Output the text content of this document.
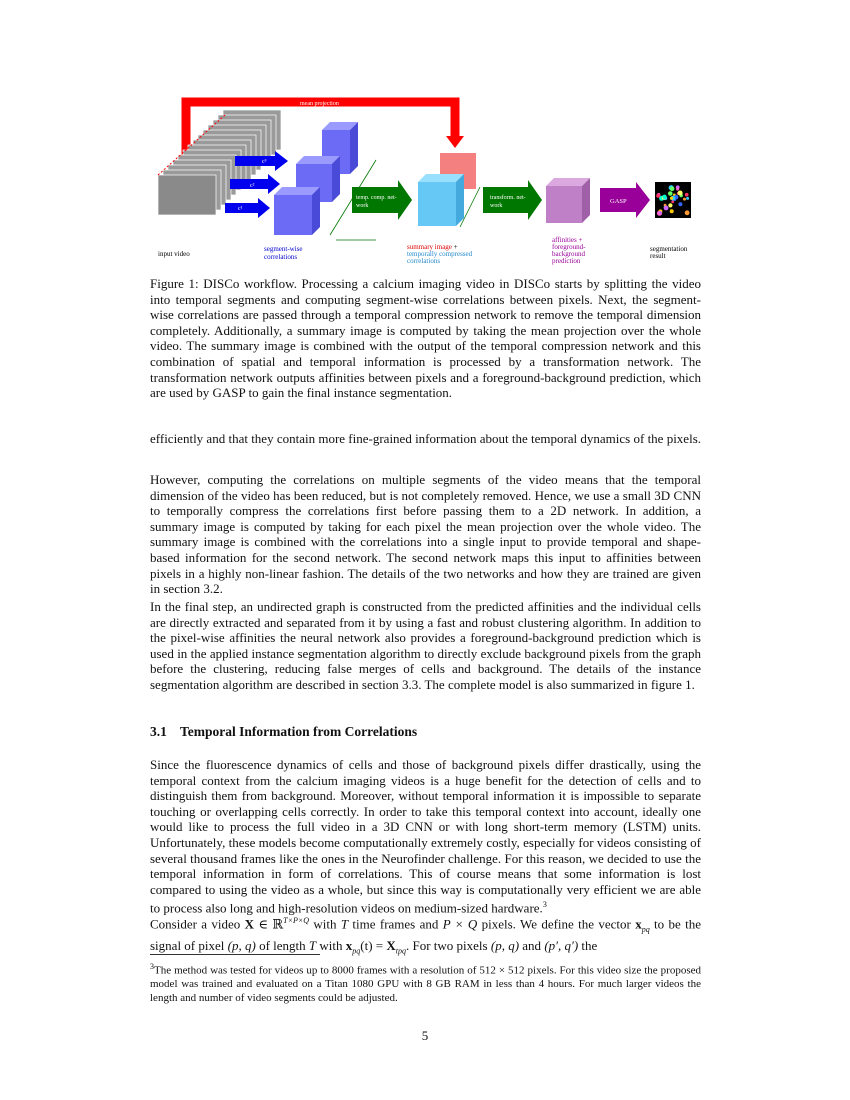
mean projection
c³
c²
c¹
temp. comp. net-
work
transform. net-
work
GASP
input video
segment-wise
correlations
summary image +
temporally compressed
correlations
affinities +
foreground-
background
prediction
segmentation
result

Figure 1: DISCo workflow. Processing a calcium imaging video in DISCo starts by splitting the video into temporal segments and computing segment-wise correlations between pixels. Next, the segment-wise correlations are passed through a temporal compression network to remove the temporal dimension completely. Additionally, a summary image is computed by taking the mean projection over the whole video. The summary image is combined with the output of the temporal compression network and this combination of spatial and temporal information is processed by a transformation network. The transformation network outputs affinities between pixels and a foreground-background prediction, which are used by GASP to gain the final instance segmentation.

efficiently and that they contain more fine-grained information about the temporal dynamics of the pixels.

However, computing the correlations on multiple segments of the video means that the temporal dimension of the video has been reduced, but is not completely removed. Hence, we use a small 3D CNN to temporally compress the correlations first before passing them to a 2D network. In addition, a summary image is computed by taking for each pixel the mean projection over the whole video. The summary image is combined with the correlations into a single input to provide temporal and shape-based information for the second network. The second network maps this input to affinities between pixels in a highly non-linear fashion. The details of the two networks and how they are trained are given in section 3.2.

In the final step, an undirected graph is constructed from the predicted affinities and the individual cells are directly extracted and separated from it by using a fast and robust clustering algorithm. In addition to the pixel-wise affinities the neural network also provides a foreground-background prediction which is used in the applied instance segmentation algorithm to directly exclude background pixels from the graph before the clustering, reducing false merges of cells and background. The details of the instance segmentation algorithm are described in section 3.3. The complete model is also summarized in figure 1.

3.1 Temporal Information from Correlations

Since the fluorescence dynamics of cells and those of background pixels differ drastically, using the temporal context from the calcium imaging videos is a huge benefit for the detection of cells and to distinguish them from background. Moreover, without temporal information it is impossible to separate touching or overlapping cells correctly. In order to take this temporal context into account, ideally one would like to process the full video in a 3D CNN or with long short-term memory (LSTM) units. Unfortunately, these models become computationally extremely costly, especially for videos consisting of several thousand frames like the ones in the Neurofinder challenge. For this reason, we decided to use the temporal information in form of correlations. This of course means that some information is lost compared to using the video as a whole, but since this way is computationally very efficient we are able to process also long and high-resolution videos on medium-sized hardware.$^3$

Consider a video X ∈ ℝ$^{T\times P\times Q}$ with T time frames and P × Q pixels. We define the vector $x_{pq}$ to be the signal of pixel (p, q) of length T with $x_{pq}(t) = X_{tpq}$. For two pixels (p, q) and (p′, q′) the

$^3$The method was tested for videos up to 8000 frames with a resolution of 512 × 512 pixels. For this video size the proposed model was trained and evaluated on a Titan 1080 GPU with 8 GB RAM in less than 4 hours. For much larger videos the length and number of video segments could be adjusted.

5
